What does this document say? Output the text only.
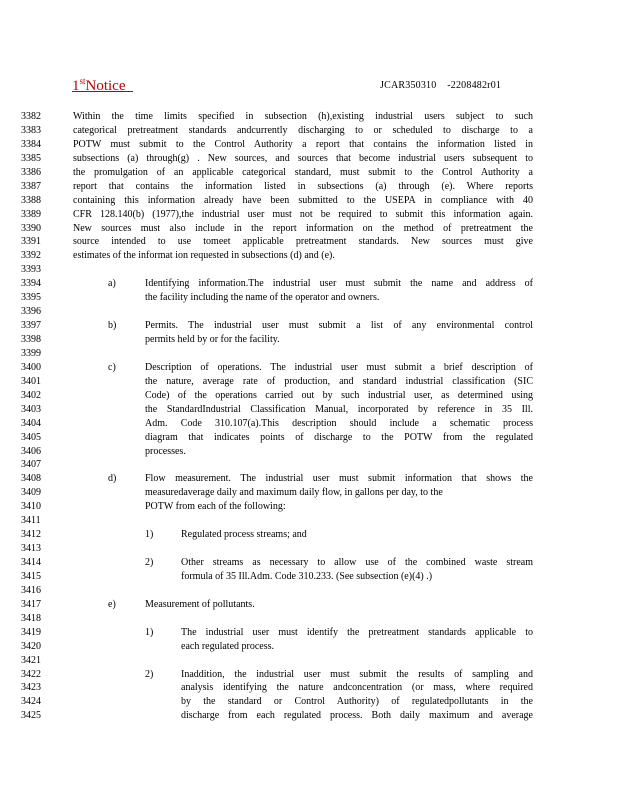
1stNotice	JCAR350310    -2208482r01
3382	Within the time limits specified in subsection (h),existing industrial users subject to such
3383	categorical pretreatment standards andcurrently discharging to or scheduled to discharge to a
3384	POTW must submit to the Control Authority a report that contains the information listed in
3385	subsections (a) through(g) . New sources, and sources that become industrial users subsequent to
3386	the promulgation of an applicable categorical standard, must submit to the Control Authority a
3387	report that contains the information listed in subsections (a) through (e). Where reports
3388	containing this information already have been submitted to the USEPA in compliance with 40
3389	CFR 128.140(b) (1977),the industrial user must not be required to submit this information again.
3390	New sources must also include in the report information on the method of pretreatment the
3391	source intended to use tomeet applicable pretreatment standards. New sources must give
3392	estimates of the informat ion requested in subsections (d) and (e).
3393
3394	a)	Identifying information.The industrial user must submit the name and address of
3395	the facility including the name of the operator and owners.
3396
3397	b)	Permits. The industrial user must submit a list of any environmental control
3398	permits held by or for the facility.
3399
3400	c)	Description of operations. The industrial user must submit a brief description of
3401	the nature, average rate of production, and standard industrial classification (SIC
3402	Code) of the operations carried out by such industrial user, as determined using
3403	the StandardIndustrial Classification Manual, incorporated by reference in 35 Ill.
3404	Adm. Code 310.107(a).This description should include a schematic process
3405	diagram that indicates points of discharge to the POTW from the regulated
3406	processes.
3407
3408	d)	Flow measurement. The industrial user must submit information that shows the
3409	measuredaverage daily and maximum daily flow, in gallons per day, to the
3410	POTW from each of the following:
3411
3412	1)	Regulated process streams; and
3413
3414	2)	Other streams as necessary to allow use of the combined waste stream
3415	formula of 35 Ill.Adm. Code 310.233. (See subsection (e)(4) .)
3416
3417	e)	Measurement of pollutants.
3418
3419	1)	The industrial user must identify the pretreatment standards applicable to
3420	each regulated process.
3421
3422	2)	Inaddition, the industrial user must submit the results of sampling and
3423	analysis identifying the nature andconcentration (or mass, where required
3424	by the standard or Control Authority) of regulatedpollutants in the
3425	discharge from each regulated process. Both daily maximum and average
